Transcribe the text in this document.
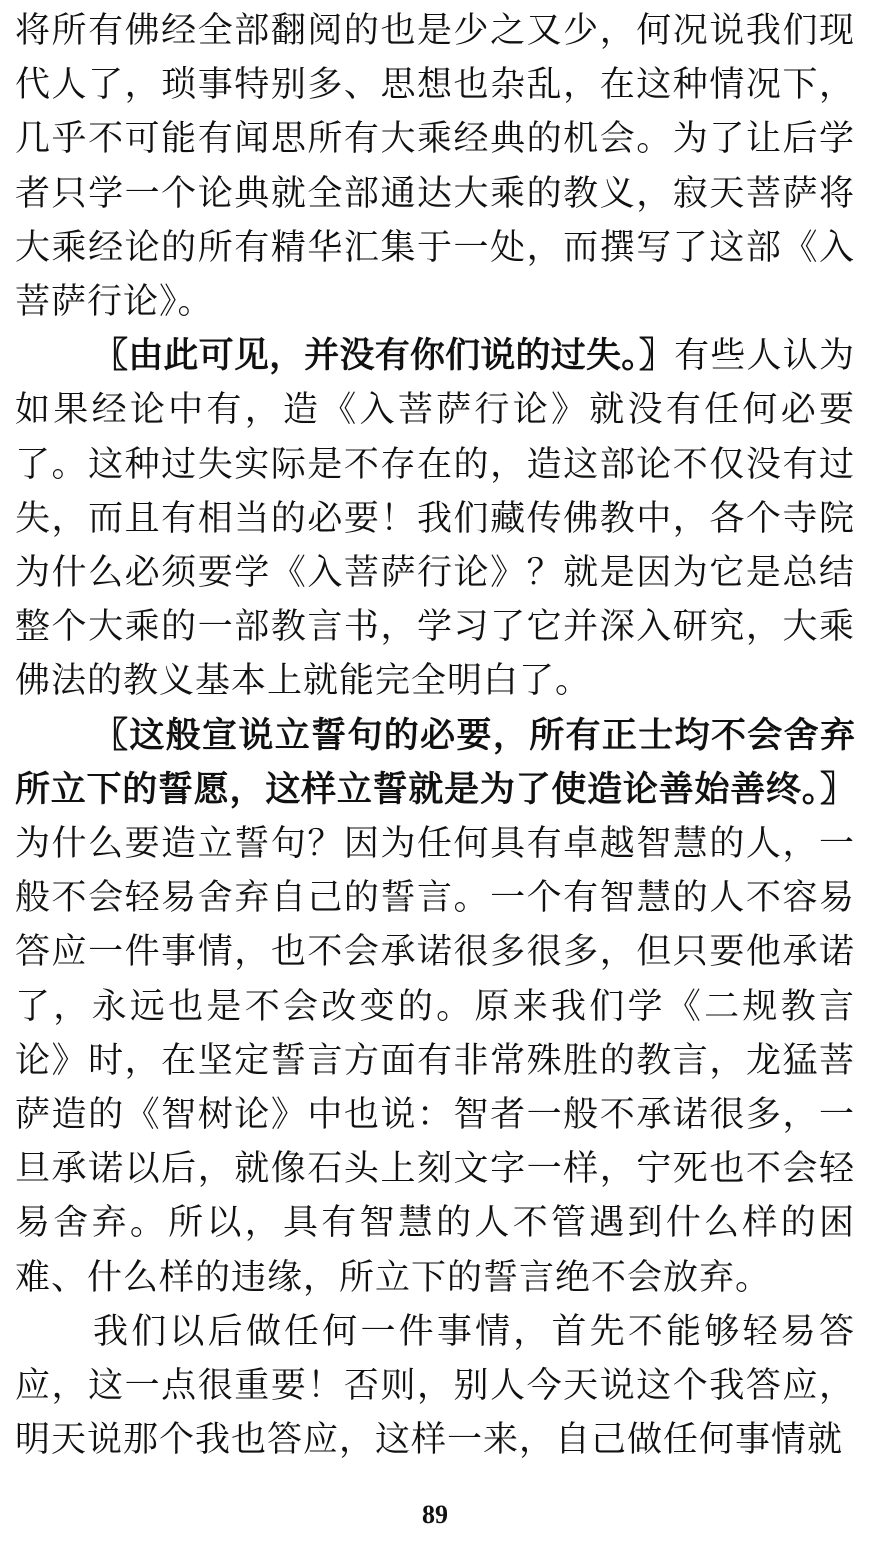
将所有佛经全部翻阅的也是少之又少，何况说我们现代人了，琐事特别多、思想也杂乱，在这种情况下，几乎不可能有闻思所有大乘经典的机会。为了让后学者只学一个论典就全部通达大乘的教义，寂天菩萨将大乘经论的所有精华汇集于一处，而撰写了这部《入菩萨行论》。

〖由此可见，并没有你们说的过失。〗有些人认为如果经论中有，造《入菩萨行论》就没有任何必要了。这种过失实际是不存在的，造这部论不仅没有过失，而且有相当的必要！我们藏传佛教中，各个寺院为什么必须要学《入菩萨行论》？就是因为它是总结整个大乘的一部教言书，学习了它并深入研究，大乘佛法的教义基本上就能完全明白了。

〖这般宣说立誓句的必要，所有正士均不会舍弃所立下的誓愿，这样立誓就是为了使造论善始善终。〗为什么要造立誓句？因为任何具有卓越智慧的人，一般不会轻易舍弃自己的誓言。一个有智慧的人不容易答应一件事情，也不会承诺很多很多，但只要他承诺了，永远也是不会改变的。原来我们学《二规教言论》时，在坚定誓言方面有非常殊胜的教言，龙猛菩萨造的《智树论》中也说：智者一般不承诺很多，一旦承诺以后，就像石头上刻文字一样，宁死也不会轻易舍弃。所以，具有智慧的人不管遇到什么样的困难、什么样的违缘，所立下的誓言绝不会放弃。

我们以后做任何一件事情，首先不能够轻易答应，这一点很重要！否则，别人今天说这个我答应，明天说那个我也答应，这样一来，自己做任何事情就

89
